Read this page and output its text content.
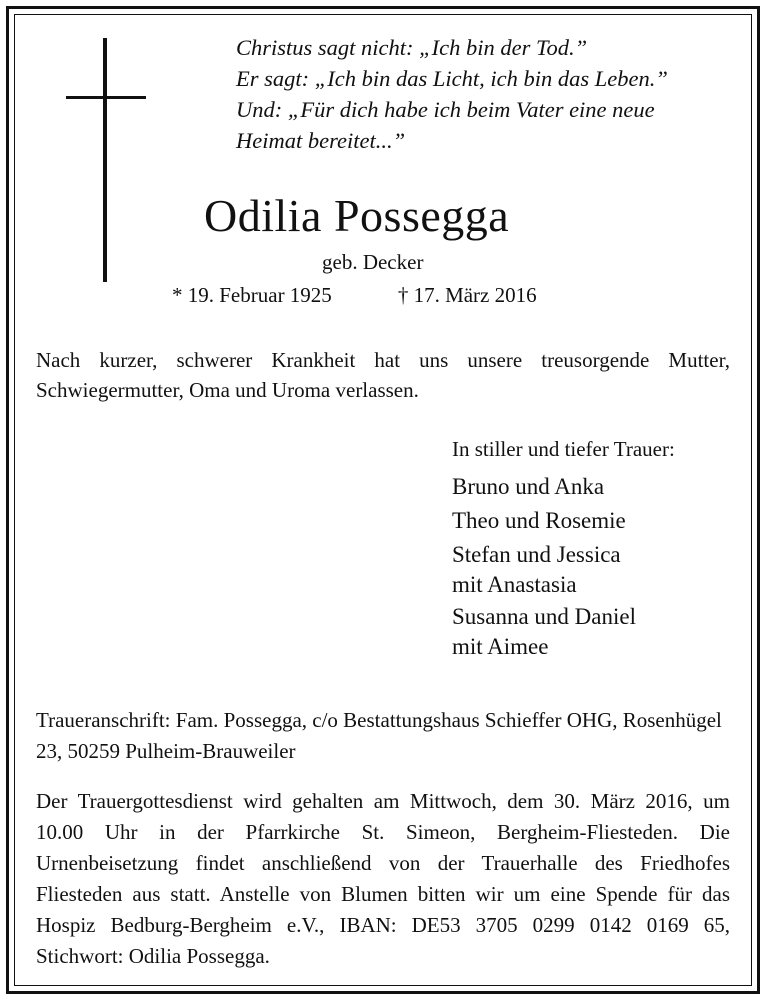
Christus sagt nicht: „Ich bin der Tod.”
Er sagt: „Ich bin das Licht, ich bin das Leben.”
Und: „Für dich habe ich beim Vater eine neue
Heimat bereitet...”
Odilia Possegga
geb. Decker
* 19. Februar 1925	† 17. März 2016
Nach kurzer, schwerer Krankheit hat uns unsere treusorgende Mutter, Schwiegermutter, Oma und Uroma verlassen.
In stiller und tiefer Trauer:
Bruno und Anka
Theo und Rosemie
Stefan und Jessica
mit Anastasia
Susanna und Daniel
mit Aimee
Traueranschrift: Fam. Possegga, c/o Bestattungshaus Schieffer OHG, Rosenhügel 23, 50259 Pulheim-Brauweiler
Der Trauergottesdienst wird gehalten am Mittwoch, dem 30. März 2016, um 10.00 Uhr in der Pfarrkirche St. Simeon, Bergheim-Fliesteden. Die Urnenbeisetzung findet anschließend von der Trauerhalle des Friedhofes Fliesteden aus statt. Anstelle von Blumen bitten wir um eine Spende für das Hospiz Bedburg-Bergheim e.V., IBAN: DE53 3705 0299 0142 0169 65, Stichwort: Odilia Possegga.
